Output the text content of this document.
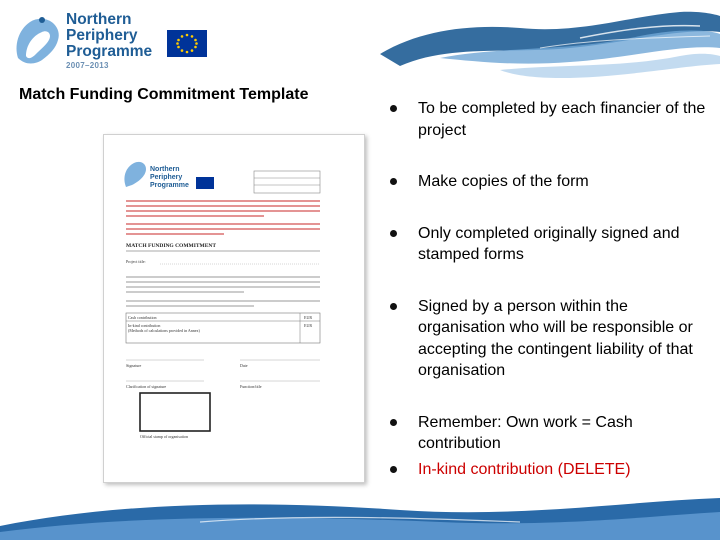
Northern
Periphery
Programme
2007–2013
Match Funding Commitment Template
Northern
Periphery
Programme
MATCH FUNDING COMMITMENT
Project title:
Cash contribution
In-kind contribution
(Methods of calculations provided in Annex)
EUR
EUR
Signature	Date
Clarification of signature	Function/title
Official stamp of organisation
To be completed by each financier of the project
Make copies of the form
Only completed originally signed and stamped forms
Signed by a person within the organisation who will be responsible or accepting the contingent liability of that organisation
Remember: Own work = Cash contribution
In-kind contribution (DELETE)
